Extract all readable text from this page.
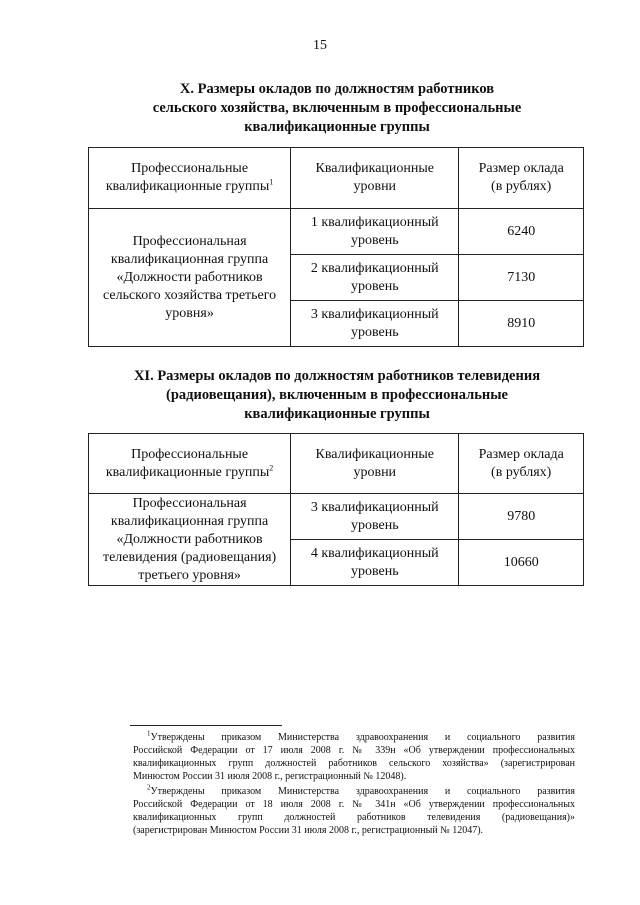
15
X. Размеры окладов по должностям работников
сельского хозяйства, включенным в профессиональные
квалификационные группы
Профессиональные
квалификационные группы$^1$	Квалификационные
уровни	Размер оклада
(в рублях)

Профессиональная
квалификационная группа
«Должности работников
сельского хозяйства третьего
уровня»	1 квалификационный
уровень	6240

	2 квалификационный
уровень	7130

	3 квалификационный
уровень	8910
XI. Размеры окладов по должностям работников телевидения
(радиовещания), включенным в профессиональные
квалификационные группы
Профессиональные
квалификационные группы$^2$	Квалификационные
уровни	Размер оклада
(в рублях)

Профессиональная
квалификационная группа
«Должности работников
телевидения (радиовещания)
третьего уровня»	3 квалификационный
уровень	9780

	4 квалификационный
уровень	10660
$^1$Утверждены приказом Министерства здравоохранения и социального развития
Российской Федерации от 17 июля 2008 г. № 339н «Об утверждении профессиональных
квалификационных групп должностей работников сельского хозяйства» (зарегистрирован
Минюстом России 31 июля 2008 г., регистрационный № 12048).
$^2$Утверждены приказом Министерства здравоохранения и социального развития
Российской Федерации от 18 июля 2008 г. № 341н «Об утверждении профессиональных
квалификационных групп должностей работников телевидения (радиовещания)»
(зарегистрирован Минюстом России 31 июля 2008 г., регистрационный № 12047).
